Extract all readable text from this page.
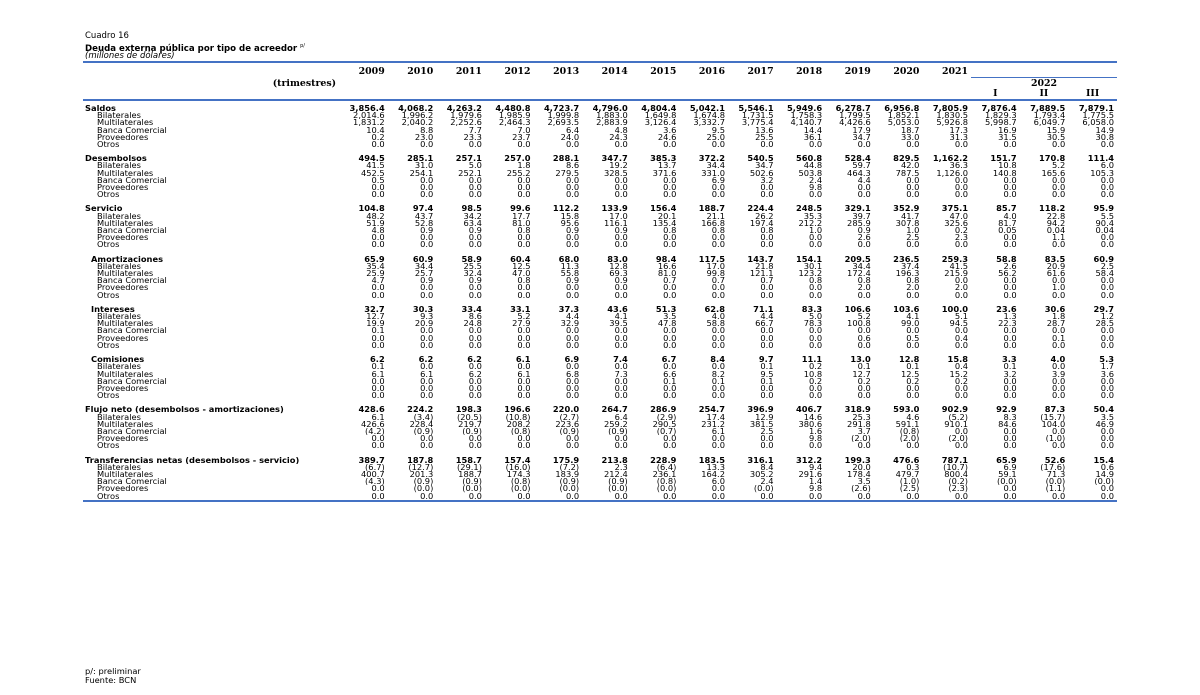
Cuadro 16
Deuda externa pública por tipo de acreedor $^{p/}$
(millones de dólares)
	2009	2010	2011	2012	2013	2014	2015	2016	2017	2018	2019	2020	2021			
(trimestres)														2022		
														I	II	III

Saldos	3,856.4	4,068.2	4,263.2	4,480.8	4,723.7	4,796.0	4,804.4	5,042.1	5,546.1	5,949.6	6,278.7	6,956.8	7,805.9	7,876.4	7,889.5	7,879.1
Bilaterales	2,014.6	1,996.2	1,979.6	1,985.9	1,999.8	1,883.0	1,649.8	1,674.8	1,731.5	1,758.3	1,799.5	1,852.1	1,830.5	1,829.3	1,793.4	1,775.5
Multilaterales	1,831.2	2,040.2	2,252.6	2,464.3	2,693.5	2,883.9	3,126.4	3,332.7	3,775.4	4,140.7	4,426.6	5,053.0	5,926.8	5,998.7	6,049.7	6,058.0
Banca Comercial	10.4	8.8	7.7	7.0	6.4	4.8	3.6	9.5	13.6	14.4	17.9	18.7	17.3	16.9	15.9	14.9
Proveedores	0.2	23.0	23.3	23.7	24.0	24.3	24.6	25.0	25.5	36.1	34.7	33.0	31.3	31.5	30.5	30.8
Otros	0.0	0.0	0.0	0.0	0.0	0.0	0.0	0.0	0.0	0.0	0.0	0.0	0.0	0.0	0.0	0.0

Desembolsos	494.5	285.1	257.1	257.0	288.1	347.7	385.3	372.2	540.5	560.8	528.4	829.5	1,162.2	151.7	170.8	111.4
Bilaterales	41.5	31.0	5.0	1.8	8.6	19.2	13.7	34.4	34.7	44.8	59.7	42.0	36.3	10.8	5.2	6.0
Multilaterales	452.5	254.1	252.1	255.2	279.5	328.5	371.6	331.0	502.6	503.8	464.3	787.5	1,126.0	140.8	165.6	105.3
Banca Comercial	0.5	0.0	0.0	0.0	0.0	0.0	0.0	6.9	3.2	2.4	4.4	0.0	0.0	0.0	0.0	0.0
Proveedores	0.0	0.0	0.0	0.0	0.0	0.0	0.0	0.0	0.0	9.8	0.0	0.0	0.0	0.0	0.0	0.0
Otros	0.0	0.0	0.0	0.0	0.0	0.0	0.0	0.0	0.0	0.0	0.0	0.0	0.0	0.0	0.0	0.0

Servicio	104.8	97.4	98.5	99.6	112.2	133.9	156.4	188.7	224.4	248.5	329.1	352.9	375.1	85.7	118.2	95.9
Bilaterales	48.2	43.7	34.2	17.7	15.8	17.0	20.1	21.1	26.2	35.3	39.7	41.7	47.0	4.0	22.8	5.5
Multilaterales	51.9	52.8	63.4	81.0	95.6	116.1	135.4	166.8	197.4	212.2	285.9	307.8	325.6	81.7	94.2	90.4
Banca Comercial	4.8	0.9	0.9	0.8	0.9	0.9	0.8	0.8	0.8	1.0	0.9	1.0	0.2	0.05	0.04	0.04
Proveedores	0.0	0.0	0.0	0.0	0.0	0.0	0.0	0.0	0.0	0.0	2.6	2.5	2.3	0.0	1.1	0.0
Otros	0.0	0.0	0.0	0.0	0.0	0.0	0.0	0.0	0.0	0.0	0.0	0.0	0.0	0.0	0.0	0.0

Amortizaciones	65.9	60.9	58.9	60.4	68.0	83.0	98.4	117.5	143.7	154.1	209.5	236.5	259.3	58.8	83.5	60.9
Bilaterales	35.4	34.4	25.5	12.5	11.3	12.8	16.6	17.0	21.8	30.1	34.4	37.4	41.5	2.6	20.9	2.5
Multilaterales	25.9	25.7	32.4	47.0	55.8	69.3	81.0	99.8	121.1	123.2	172.4	196.3	215.9	56.2	61.6	58.4
Banca Comercial	4.7	0.9	0.9	0.8	0.9	0.9	0.7	0.7	0.7	0.8	0.8	0.8	0.0	0.0	0.0	0.0
Proveedores	0.0	0.0	0.0	0.0	0.0	0.0	0.0	0.0	0.0	0.0	2.0	2.0	2.0	0.0	1.0	0.0
Otros	0.0	0.0	0.0	0.0	0.0	0.0	0.0	0.0	0.0	0.0	0.0	0.0	0.0	0.0	0.0	0.0

Intereses	32.7	30.3	33.4	33.1	37.3	43.6	51.3	62.8	71.1	83.3	106.6	103.6	100.0	23.6	30.6	29.7
Bilaterales	12.7	9.3	8.6	5.2	4.4	4.1	3.5	4.0	4.4	5.0	5.2	4.1	5.1	1.3	1.8	1.2
Multilaterales	19.9	20.9	24.8	27.9	32.9	39.5	47.8	58.8	66.7	78.3	100.8	99.0	94.5	22.3	28.7	28.5
Banca Comercial	0.1	0.0	0.0	0.0	0.0	0.0	0.0	0.0	0.0	0.0	0.0	0.0	0.0	0.0	0.0	0.0
Proveedores	0.0	0.0	0.0	0.0	0.0	0.0	0.0	0.0	0.0	0.0	0.6	0.5	0.4	0.0	0.1	0.0
Otros	0.0	0.0	0.0	0.0	0.0	0.0	0.0	0.0	0.0	0.0	0.0	0.0	0.0	0.0	0.0	0.0

Comisiones	6.2	6.2	6.2	6.1	6.9	7.4	6.7	8.4	9.7	11.1	13.0	12.8	15.8	3.3	4.0	5.3
Bilaterales	0.1	0.0	0.0	0.0	0.0	0.0	0.0	0.0	0.1	0.2	0.1	0.1	0.4	0.1	0.0	1.7
Multilaterales	6.1	6.1	6.2	6.1	6.8	7.3	6.6	8.2	9.5	10.8	12.7	12.5	15.2	3.2	3.9	3.6
Banca Comercial	0.0	0.0	0.0	0.0	0.0	0.0	0.1	0.1	0.1	0.2	0.2	0.2	0.2	0.0	0.0	0.0
Proveedores	0.0	0.0	0.0	0.0	0.0	0.0	0.0	0.0	0.0	0.0	0.0	0.0	0.0	0.0	0.0	0.0
Otros	0.0	0.0	0.0	0.0	0.0	0.0	0.0	0.0	0.0	0.0	0.0	0.0	0.0	0.0	0.0	0.0

Flujo neto (desembolsos - amortizaciones)	428.6	224.2	198.3	196.6	220.0	264.7	286.9	254.7	396.9	406.7	318.9	593.0	902.9	92.9	87.3	50.4
Bilaterales	6.1	(3.4)	(20.5)	(10.8)	(2.7)	6.4	(2.9)	17.4	12.9	14.6	25.3	4.6	(5.2)	8.3	(15.7)	3.5
Multilaterales	426.6	228.4	219.7	208.2	223.6	259.2	290.5	231.2	381.5	380.6	291.8	591.1	910.1	84.6	104.0	46.9
Banca Comercial	(4.2)	(0.9)	(0.9)	(0.8)	(0.9)	(0.9)	(0.7)	6.1	2.5	1.6	3.7	(0.8)	0.0	0.0	0.0	0.0
Proveedores	0.0	0.0	0.0	0.0	0.0	0.0	0.0	0.0	0.0	9.8	(2.0)	(2.0)	(2.0)	0.0	(1.0)	0.0
Otros	0.0	0.0	0.0	0.0	0.0	0.0	0.0	0.0	0.0	0.0	0.0	0.0	0.0	0.0	0.0	0.0

Transferencias netas (desembolsos - servicio)	389.7	187.8	158.7	157.4	175.9	213.8	228.9	183.5	316.1	312.2	199.3	476.6	787.1	65.9	52.6	15.4
Bilaterales	(6.7)	(12.7)	(29.1)	(16.0)	(7.2)	2.3	(6.4)	13.3	8.4	9.4	20.0	0.3	(10.7)	6.9	(17.6)	0.6
Multilaterales	400.7	201.3	188.7	174.3	183.9	212.4	236.1	164.2	305.2	291.6	178.4	479.7	800.4	59.1	71.3	14.9
Banca Comercial	(4.3)	(0.9)	(0.9)	(0.8)	(0.9)	(0.9)	(0.8)	6.0	2.4	1.4	3.5	(1.0)	(0.2)	(0.0)	(0.0)	(0.0)
Proveedores	0.0	(0.0)	(0.0)	(0.0)	(0.0)	(0.0)	(0.0)	0.0	(0.0)	9.8	(2.6)	(2.5)	(2.3)	0.0	(1.1)	0.0
Otros	0.0	0.0	0.0	0.0	0.0	0.0	0.0	0.0	0.0	0.0	0.0	0.0	0.0	0.0	0.0	0.0
p/: preliminar
Fuente: BCN
